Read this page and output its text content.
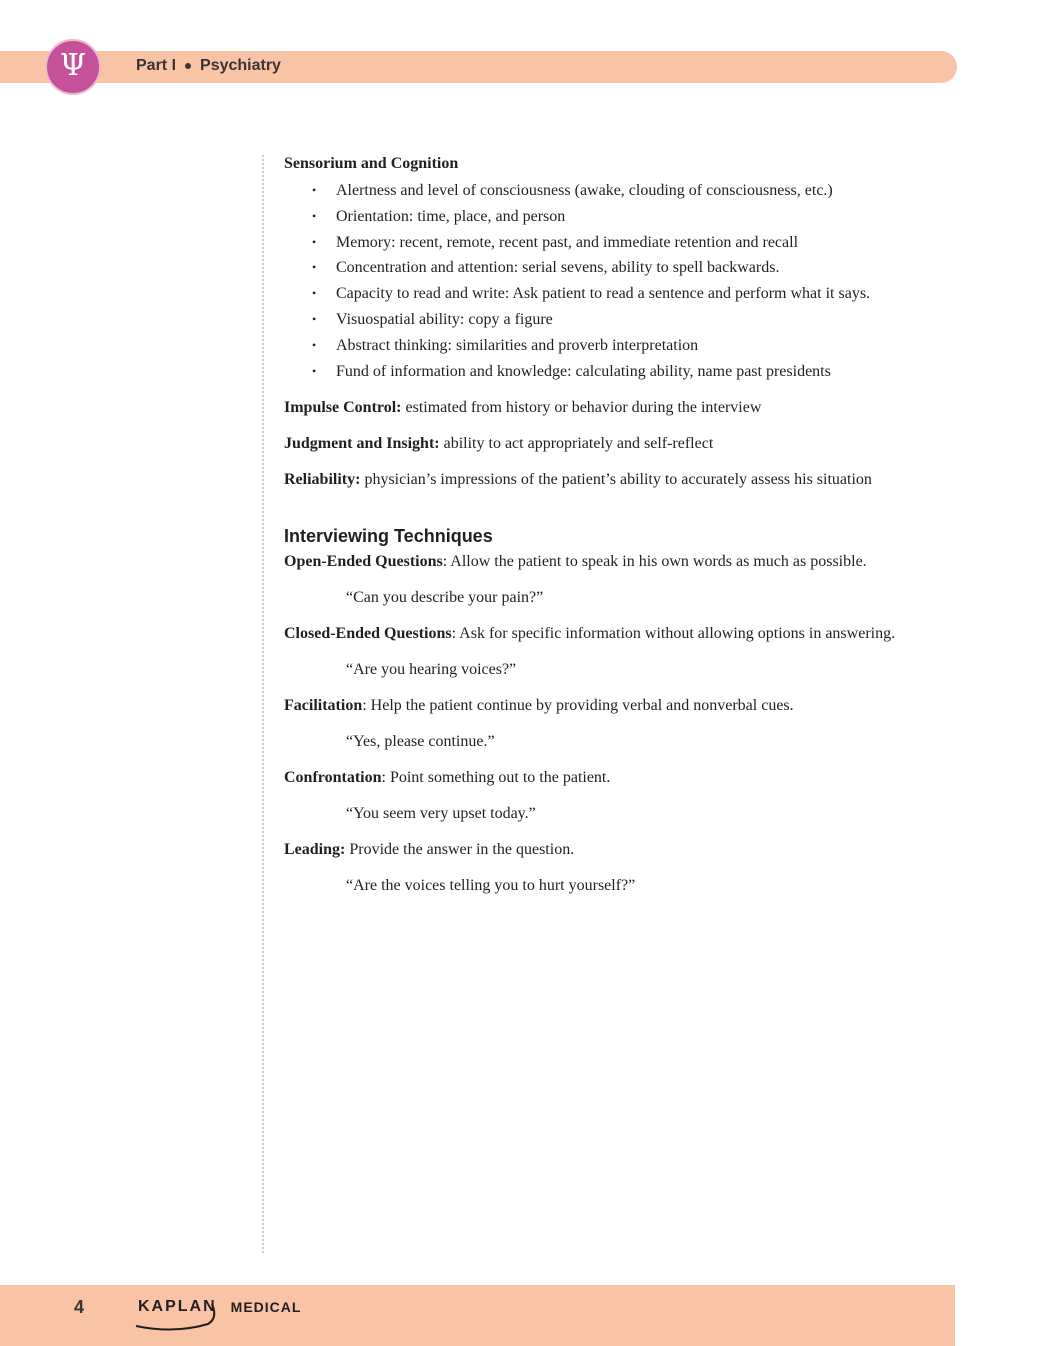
Ψ	Part I Psychiatry
Sensorium and Cognition
• Alertness and level of consciousness (awake, clouding of consciousness, etc.)
• Orientation: time, place, and person
• Memory: recent, remote, recent past, and immediate retention and recall
• Concentration and attention: serial sevens, ability to spell backwards.
• Capacity to read and write: Ask patient to read a sentence and perform what it says.
• Visuospatial ability: copy a figure
• Abstract thinking: similarities and proverb interpretation
• Fund of information and knowledge: calculating ability, name past presidents

Impulse Control: estimated from history or behavior during the interview

Judgment and Insight: ability to act appropriately and self-reflect

Reliability: physician’s impressions of the patient’s ability to accurately assess his situation

Interviewing Techniques

Open-Ended Questions: Allow the patient to speak in his own words as much as possible.

“Can you describe your pain?”

Closed-Ended Questions: Ask for specific information without allowing options in answering.

“Are you hearing voices?”

Facilitation: Help the patient continue by providing verbal and nonverbal cues.

“Yes, please continue.”

Confrontation: Point something out to the patient.

“You seem very upset today.”

Leading: Provide the answer in the question.

“Are the voices telling you to hurt yourself?”

4	KAPLAN	MEDICAL
